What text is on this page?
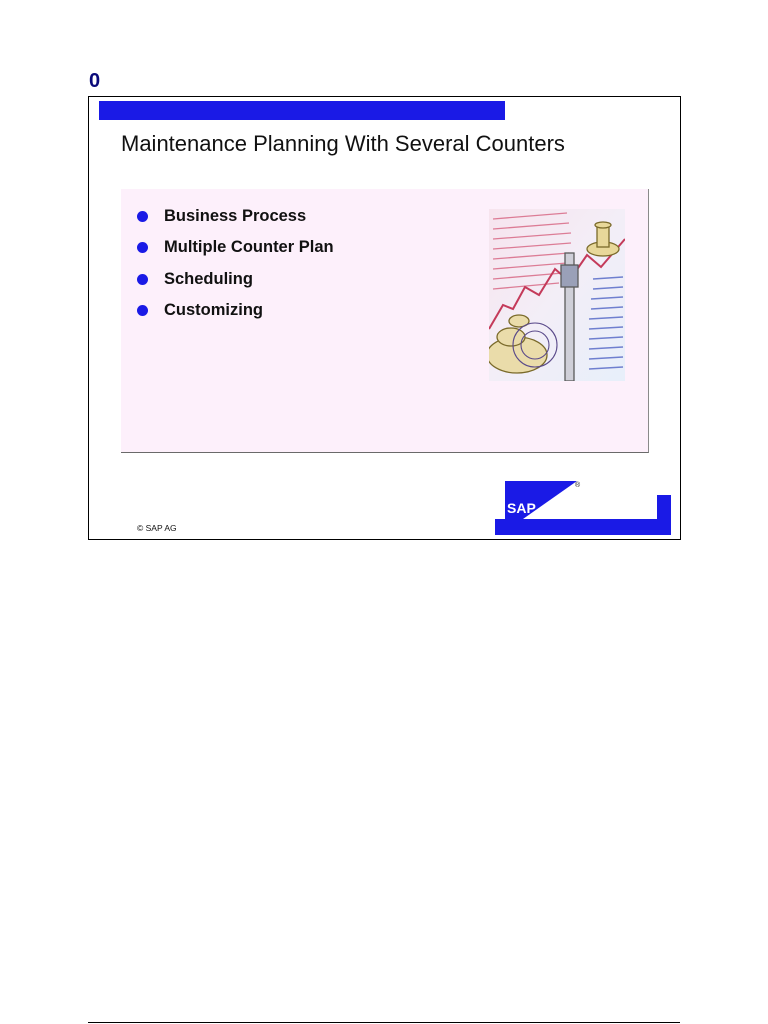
0
Maintenance Planning With Several Counters
Business Process
Multiple Counter Plan
Scheduling
Customizing
© SAP AG
SAP
®
